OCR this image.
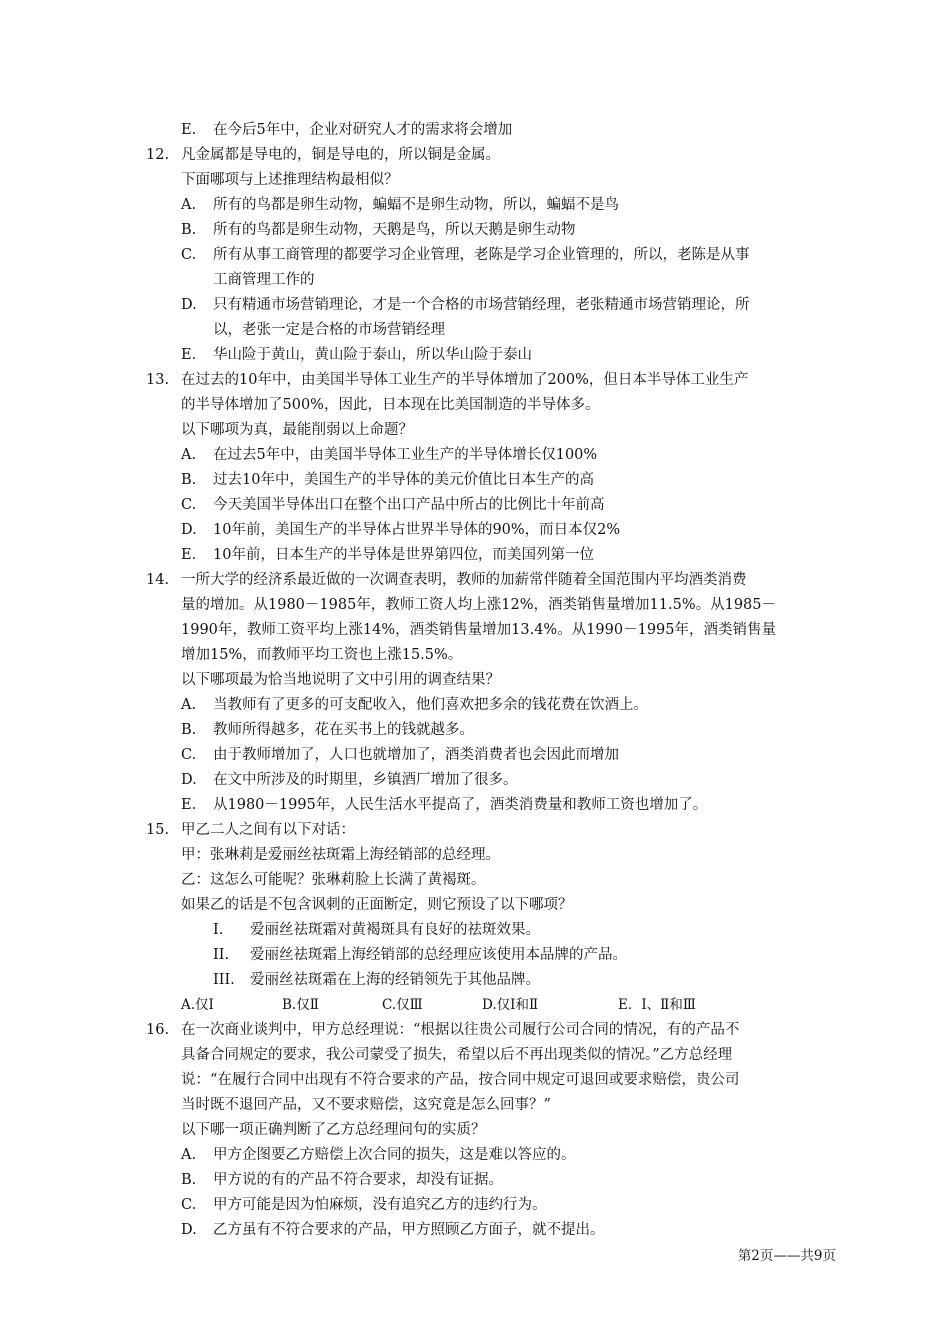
E. 在今后5年中，企业对研究人才的需求将会增加
12. 凡金属都是导电的，铜是导电的，所以铜是金属。
下面哪项与上述推理结构最相似？
A. 所有的鸟都是卵生动物，蝙蝠不是卵生动物，所以，蝙蝠不是鸟
B. 所有的鸟都是卵生动物，天鹅是鸟，所以天鹅是卵生动物
C. 所有从事工商管理的都要学习企业管理，老陈是学习企业管理的，所以，老陈是从事
工商管理工作的
D. 只有精通市场营销理论，才是一个合格的市场营销经理，老张精通市场营销理论，所
以，老张一定是合格的市场营销经理
E. 华山险于黄山，黄山险于泰山，所以华山险于泰山
13. 在过去的10年中，由美国半导体工业生产的半导体增加了200%，但日本半导体工业生产
的半导体增加了500%，因此，日本现在比美国制造的半导体多。
以下哪项为真，最能削弱以上命题？
A. 在过去5年中，由美国半导体工业生产的半导体增长仅100%
B. 过去10年中，美国生产的半导体的美元价值比日本生产的高
C. 今天美国半导体出口在整个出口产品中所占的比例比十年前高
D. 10年前，美国生产的半导体占世界半导体的90%，而日本仅2%
E. 10年前，日本生产的半导体是世界第四位，而美国列第一位
14. 一所大学的经济系最近做的一次调查表明，教师的加薪常伴随着全国范围内平均酒类消费
量的增加。从1980－1985年，教师工资人均上涨12%，酒类销售量增加11.5%。从1985－
1990年，教师工资平均上涨14%，酒类销售量增加13.4%。从1990－1995年，酒类销售量
增加15%，而教师平均工资也上涨15.5%。
以下哪项最为恰当地说明了文中引用的调查结果？
A. 当教师有了更多的可支配收入，他们喜欢把多余的钱花费在饮酒上。
B. 教师所得越多，花在买书上的钱就越多。
C. 由于教师增加了，人口也就增加了，酒类消费者也会因此而增加
D. 在文中所涉及的时期里，乡镇酒厂增加了很多。
E. 从1980－1995年，人民生活水平提高了，酒类消费量和教师工资也增加了。
15. 甲乙二人之间有以下对话：
甲：张琳莉是爱丽丝祛斑霜上海经销部的总经理。
乙：这怎么可能呢？张琳莉脸上长满了黄褐斑。
如果乙的话是不包含讽刺的正面断定，则它预设了以下哪项？
I. 爱丽丝祛斑霜对黄褐斑具有良好的祛斑效果。
II. 爱丽丝祛斑霜上海经销部的总经理应该使用本品牌的产品。
III. 爱丽丝祛斑霜在上海的经销领先于其他品牌。
A.仅Ⅰ	B.仅Ⅱ	C.仅Ⅲ	D.仅Ⅰ和Ⅱ	E．Ⅰ、Ⅱ和Ⅲ
16. 在一次商业谈判中，甲方总经理说：“根据以往贵公司履行公司合同的情况，有的产品不
具备合同规定的要求，我公司蒙受了损失，希望以后不再出现类似的情况。”乙方总经理
说：“在履行合同中出现有不符合要求的产品，按合同中规定可退回或要求赔偿，贵公司
当时既不退回产品，又不要求赔偿，这究竟是怎么回事？”
以下哪一项正确判断了乙方总经理问句的实质？
A. 甲方企图要乙方赔偿上次合同的损失，这是难以答应的。
B. 甲方说的有的产品不符合要求，却没有证据。
C. 甲方可能是因为怕麻烦，没有追究乙方的违约行为。
D. 乙方虽有不符合要求的产品，甲方照顾乙方面子，就不提出。
第2页——共9页
